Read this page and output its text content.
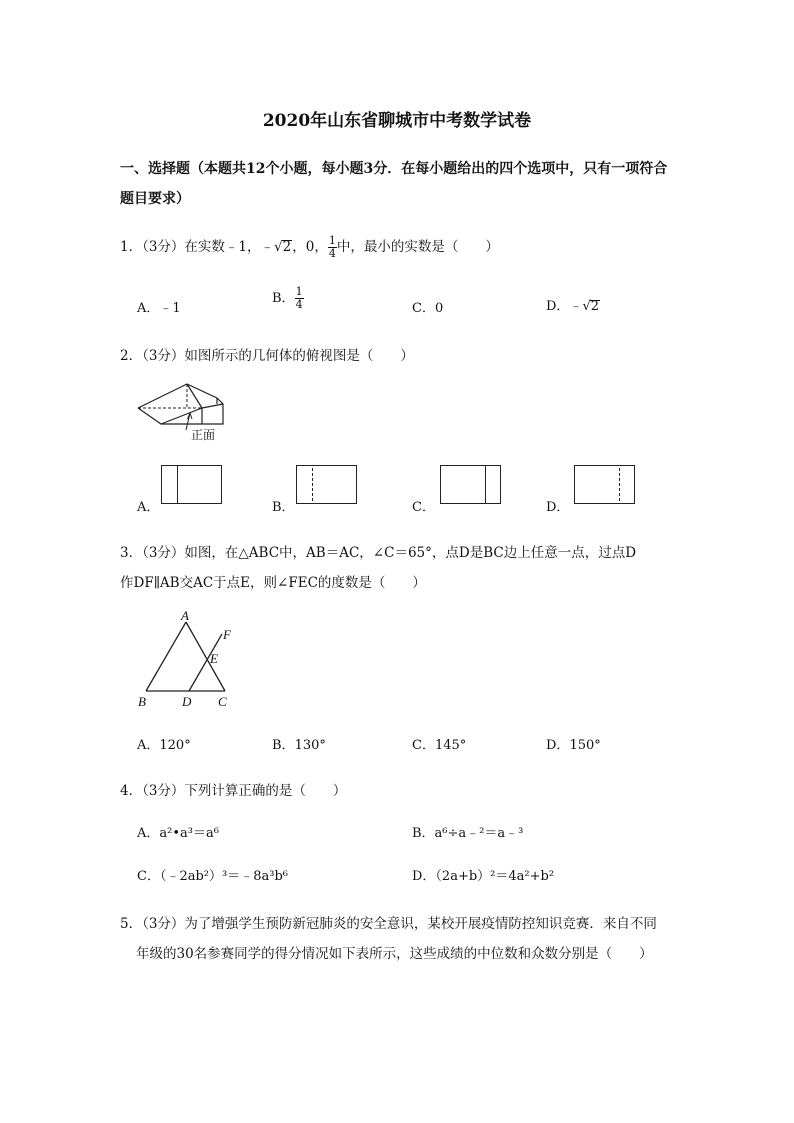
2020年山东省聊城市中考数学试卷
一、选择题（本题共12个小题，每小题3分．在每小题给出的四个选项中，只有一项符合
题目要求）
1．（3分）在实数﹣1，﹣√2，0， $\frac{1}{4}$ 中，最小的实数是（　　）
A．﹣1
B． $\frac{1}{4}$	C．0	D．﹣√2
2．（3分）如图所示的几何体的俯视图是（　　）
正面
A．	B．	C．	D．
3．（3分）如图，在△ABC中，AB＝AC，∠C＝65°，点D是BC边上任意一点，过点D
作DF∥AB交AC于点E，则∠FEC的度数是（　　）
A
F
E
B	D C
A．120°	B．130°	C．145°	D．150°
4．（3分）下列计算正确的是（　　）
A．a²•a³＝a⁶	B．a⁶÷a﹣²＝a﹣³
C．（﹣2ab²）³＝﹣8a³b⁶	D．（2a+b）²＝4a²+b²
5．（3分）为了增强学生预防新冠肺炎的安全意识，某校开展疫情防控知识竞赛．来自不同
年级的30名参赛同学的得分情况如下表所示，这些成绩的中位数和众数分别是（　　）
